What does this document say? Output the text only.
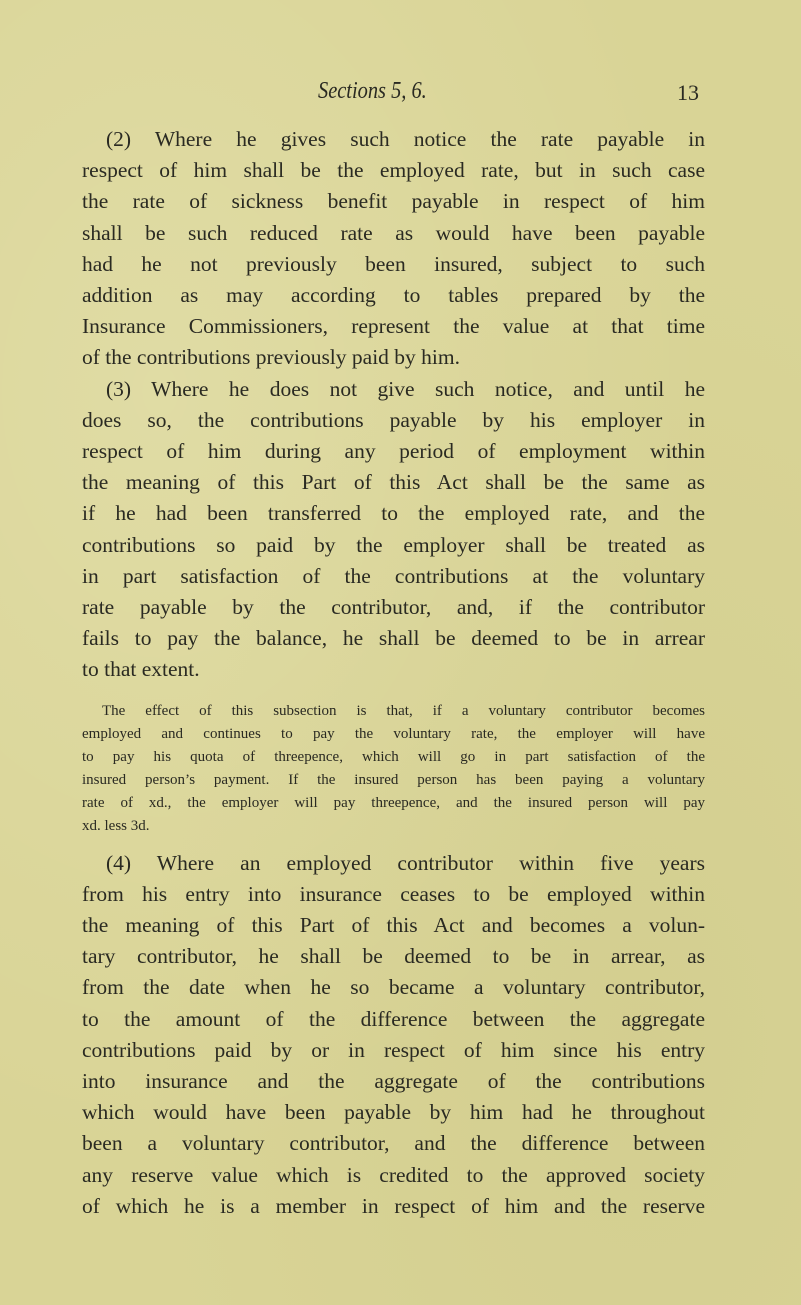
Sections 5, 6.	13
(2) Where he gives such notice the rate payable in
respect of him shall be the employed rate, but in such case
the rate of sickness benefit payable in respect of him
shall be such reduced rate as would have been payable
had he not previously been insured, subject to such
addition as may according to tables prepared by the
Insurance Commissioners, represent the value at that time
of the contributions previously paid by him.
(3) Where he does not give such notice, and until he
does so, the contributions payable by his employer in
respect of him during any period of employment within
the meaning of this Part of this Act shall be the same as
if he had been transferred to the employed rate, and the
contributions so paid by the employer shall be treated as
in part satisfaction of the contributions at the voluntary
rate payable by the contributor, and, if the contributor
fails to pay the balance, he shall be deemed to be in arrear
to that extent.
The effect of this subsection is that, if a voluntary contributor becomes
employed and continues to pay the voluntary rate, the employer will have
to pay his quota of threepence, which will go in part satisfaction of the
insured person’s payment. If the insured person has been paying a voluntary
rate of xd., the employer will pay threepence, and the insured person will pay
xd. less 3d.
(4) Where an employed contributor within five years
from his entry into insurance ceases to be employed within
the meaning of this Part of this Act and becomes a volun-
tary contributor, he shall be deemed to be in arrear, as
from the date when he so became a voluntary contributor,
to the amount of the difference between the aggregate
contributions paid by or in respect of him since his entry
into insurance and the aggregate of the contributions
which would have been payable by him had he throughout
been a voluntary contributor, and the difference between
any reserve value which is credited to the approved society
of which he is a member in respect of him and the reserve
